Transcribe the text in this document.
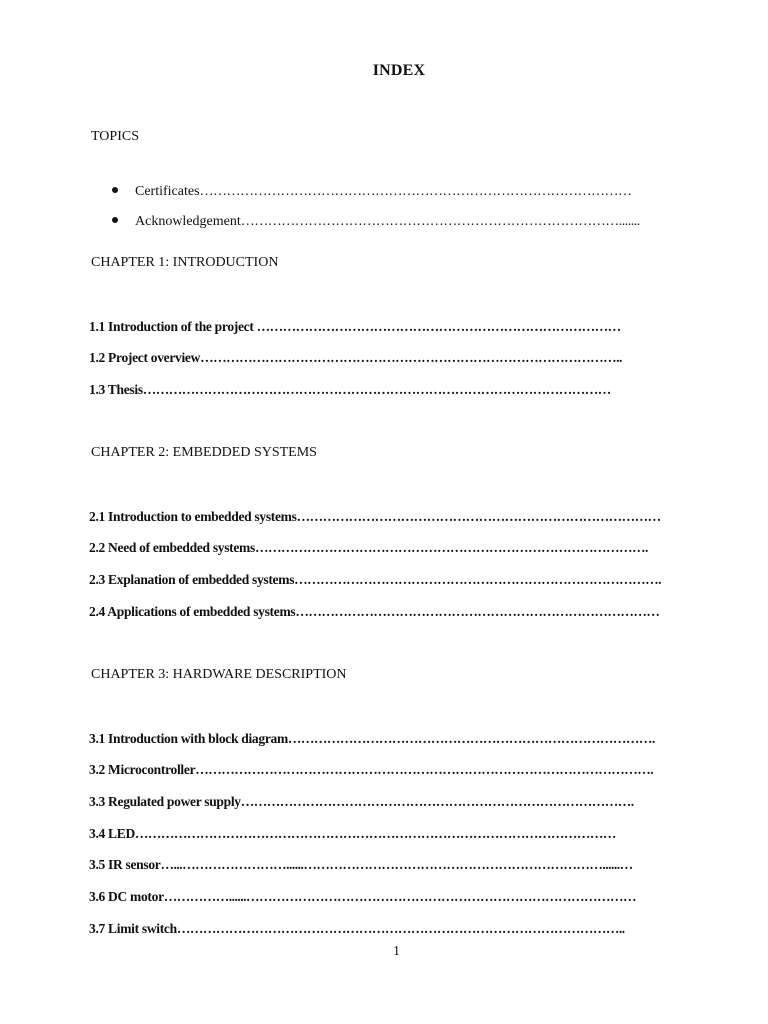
INDEX
TOPICS
Certificates……………………………………………………………………………………
Acknowledgement………………………………………………………………………….......
CHAPTER 1: INTRODUCTION
1.1 Introduction of the project …………………………………………………………………………
1.2 Project overview……………………………………………………………………………………..
1.3 Thesis………………………………………………………………………………………………
CHAPTER 2: EMBEDDED SYSTEMS
2.1 Introduction to embedded systems…………………………………………………………………………
2.2 Need of embedded systems……………………………………………………………………………….
2.3 Explanation of embedded systems………………………………………………………………………….
2.4 Applications of embedded systems…………………………………………………………………………
CHAPTER 3: HARDWARE DESCRIPTION
3.1 Introduction with block diagram………………………………………………………………………….
3.2 Microcontroller…………………………………………………………………………………………….
3.3 Regulated power supply……………………………………………………………………………….
3.4 LED…………………………………………………………………………………………………
3.5 IR sensor…...……………………......……………………………………………………………......…
3.6 DC motor……………......………………………………………………………………………………
3.7 Limit switch…………………………………………………………………………………………..
1
